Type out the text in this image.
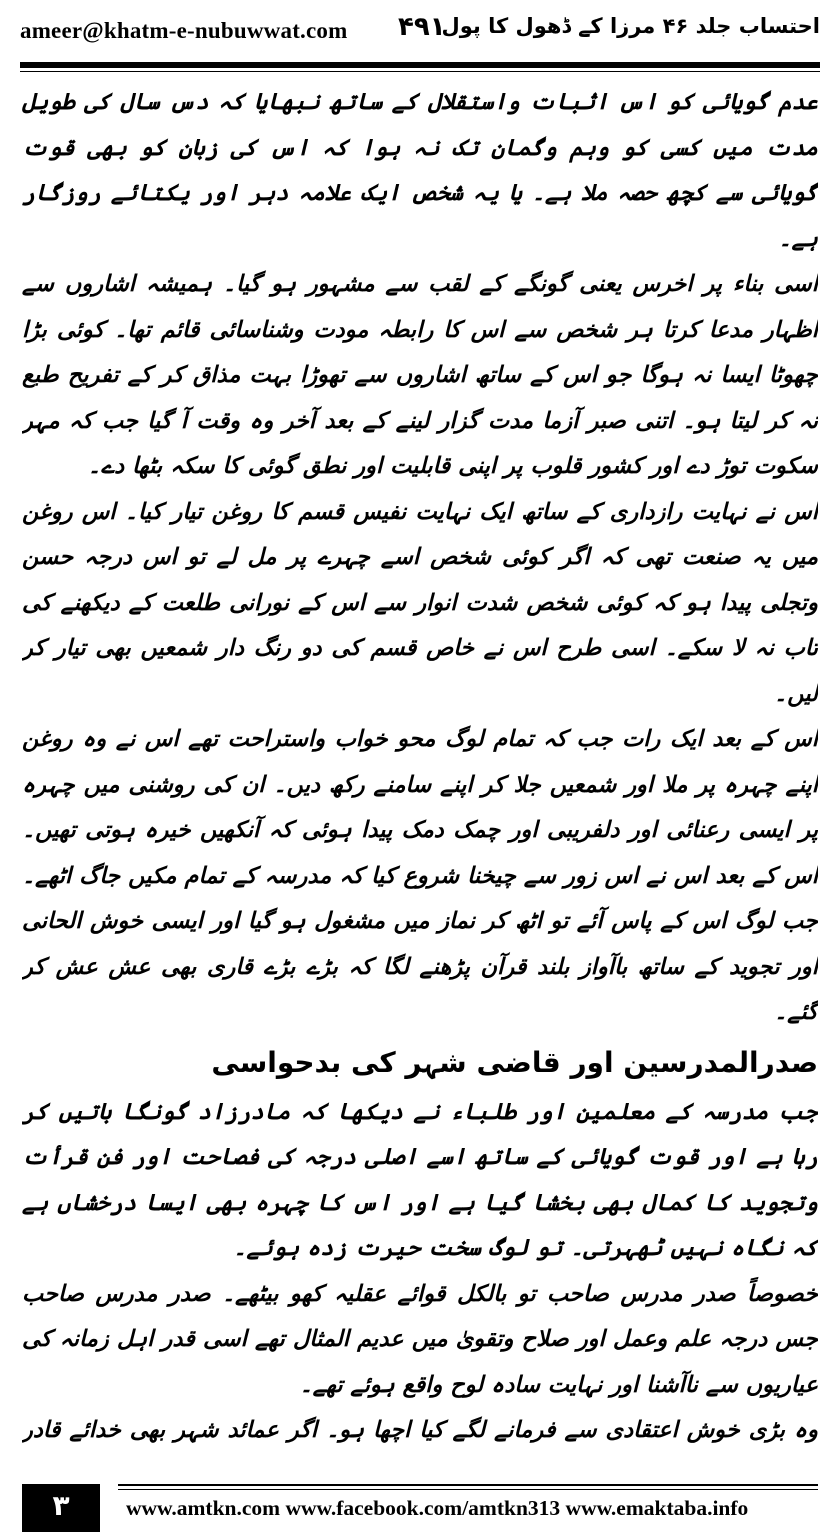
ameer@khatm-e-nubuwwat.com ۴۹۱
احتساب جلد ۴۶ مرزا کے ڈھول کا پول

عدم گویائی کو اس اثبات واستقلال کے ساتھ نبھایا کہ دس سال کی طویل مدت میں کسی کو وہم وگمان تک نہ ہوا کہ اس کی زبان کو بھی قوت گویائی سے کچھ حصہ ملا ہے۔ یا یہ شخص ایک علامہ دہر اور یکتائے روزگار ہے۔

اسی بناء پر اخرس یعنی گونگے کے لقب سے مشہور ہو گیا۔ ہمیشہ اشاروں سے اظہار مدعا کرتا ہر شخص سے اس کا رابطہ مودت وشناسائی قائم تھا۔ کوئی بڑا چھوٹا ایسا نہ ہوگا جو اس کے ساتھ اشاروں سے تھوڑا بہت مذاق کر کے تفریح طبع نہ کر لیتا ہو۔ اتنی صبر آزما مدت گزار لینے کے بعد آخر وہ وقت آ گیا جب کہ مہر سکوت توڑ دے اور کشور قلوب پر اپنی قابلیت اور نطق گوئی کا سکہ بٹھا دے۔

اس نے نہایت رازداری کے ساتھ ایک نہایت نفیس قسم کا روغن تیار کیا۔ اس روغن میں یہ صنعت تھی کہ اگر کوئی شخص اسے چہرے پر مل لے تو اس درجہ حسن وتجلی پیدا ہو کہ کوئی شخص شدت انوار سے اس کے نورانی طلعت کے دیکھنے کی تاب نہ لا سکے۔ اسی طرح اس نے خاص قسم کی دو رنگ دار شمعیں بھی تیار کر لیں۔

اس کے بعد ایک رات جب کہ تمام لوگ محو خواب واستراحت تھے اس نے وہ روغن اپنے چہرہ پر ملا اور شمعیں جلا کر اپنے سامنے رکھ دیں۔ ان کی روشنی میں چہرہ پر ایسی رعنائی اور دلفریبی اور چمک دمک پیدا ہوئی کہ آنکھیں خیرہ ہوتی تھیں۔ اس کے بعد اس نے اس زور سے چیخنا شروع کیا کہ مدرسہ کے تمام مکیں جاگ اٹھے۔ جب لوگ اس کے پاس آئے تو اٹھ کر نماز میں مشغول ہو گیا اور ایسی خوش الحانی اور تجوید کے ساتھ باآواز بلند قرآن پڑھنے لگا کہ بڑے بڑے قاری بھی عش عش کر گئے۔

صدرالمدرسین اور قاضی شہر کی بدحواسی

جب مدرسہ کے معلمین اور طلباء نے دیکھا کہ مادرزاد گونگا باتیں کر رہا ہے اور قوت گویائی کے ساتھ اسے اصلی درجہ کی فصاحت اور فن قرأت وتجوید کا کمال بھی بخشا گیا ہے اور اس کا چہرہ بھی ایسا درخشاں ہے کہ نگاہ نہیں ٹھہرتی۔ تو لوگ سخت حیرت زدہ ہوئے۔

خصوصاً صدر مدرس صاحب تو بالکل قوائے عقلیہ کھو بیٹھے۔ صدر مدرس صاحب جس درجہ علم وعمل اور صلاح وتقویٰ میں عدیم المثال تھے اسی قدر اہل زمانہ کی عیاریوں سے ناآشنا اور نہایت سادہ لوح واقع ہوئے تھے۔

وہ بڑی خوش اعتقادی سے فرمانے لگے کیا اچھا ہو۔ اگر عمائد شہر بھی خدائے قادر

۳	www.amtkn.com www.facebook.com/amtkn313 www.emaktaba.info
